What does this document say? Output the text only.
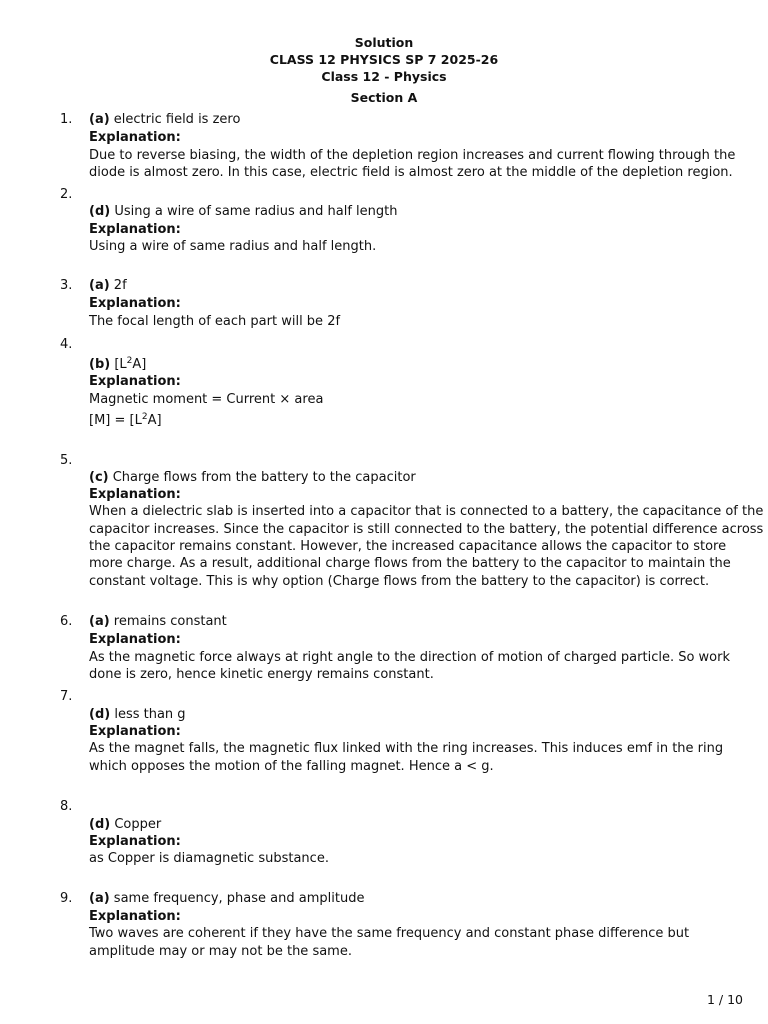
Solution
CLASS 12 PHYSICS SP 7 2025-26
Class 12 - Physics
Section A
1. (a) electric field is zero
Explanation:
Due to reverse biasing, the width of the depletion region increases and current flowing through the
diode is almost zero. In this case, electric field is almost zero at the middle of the depletion region.
2.
(d) Using a wire of same radius and half length
Explanation:
Using a wire of same radius and half length.
3. (a) 2f
Explanation:
The focal length of each part will be 2f
4.
(b) $[L^2A]$
Explanation:
Magnetic moment = Current × area
$[M] = [L^2A]$
5.
(c) Charge flows from the battery to the capacitor
Explanation:
When a dielectric slab is inserted into a capacitor that is connected to a battery, the capacitance of the
capacitor increases. Since the capacitor is still connected to the battery, the potential difference across
the capacitor remains constant. However, the increased capacitance allows the capacitor to store
more charge. As a result, additional charge flows from the battery to the capacitor to maintain the
constant voltage. This is why option (Charge flows from the battery to the capacitor) is correct.
6. (a) remains constant
Explanation:
As the magnetic force always at right angle to the direction of motion of charged particle. So work
done is zero, hence kinetic energy remains constant.
7.
(d) less than g
Explanation:
As the magnet falls, the magnetic flux linked with the ring increases. This induces emf in the ring
which opposes the motion of the falling magnet. Hence a < g.
8.
(d) Copper
Explanation:
as Copper is diamagnetic substance.
9. (a) same frequency, phase and amplitude
Explanation:
Two waves are coherent if they have the same frequency and constant phase difference but
amplitude may or may not be the same.
1 / 10
